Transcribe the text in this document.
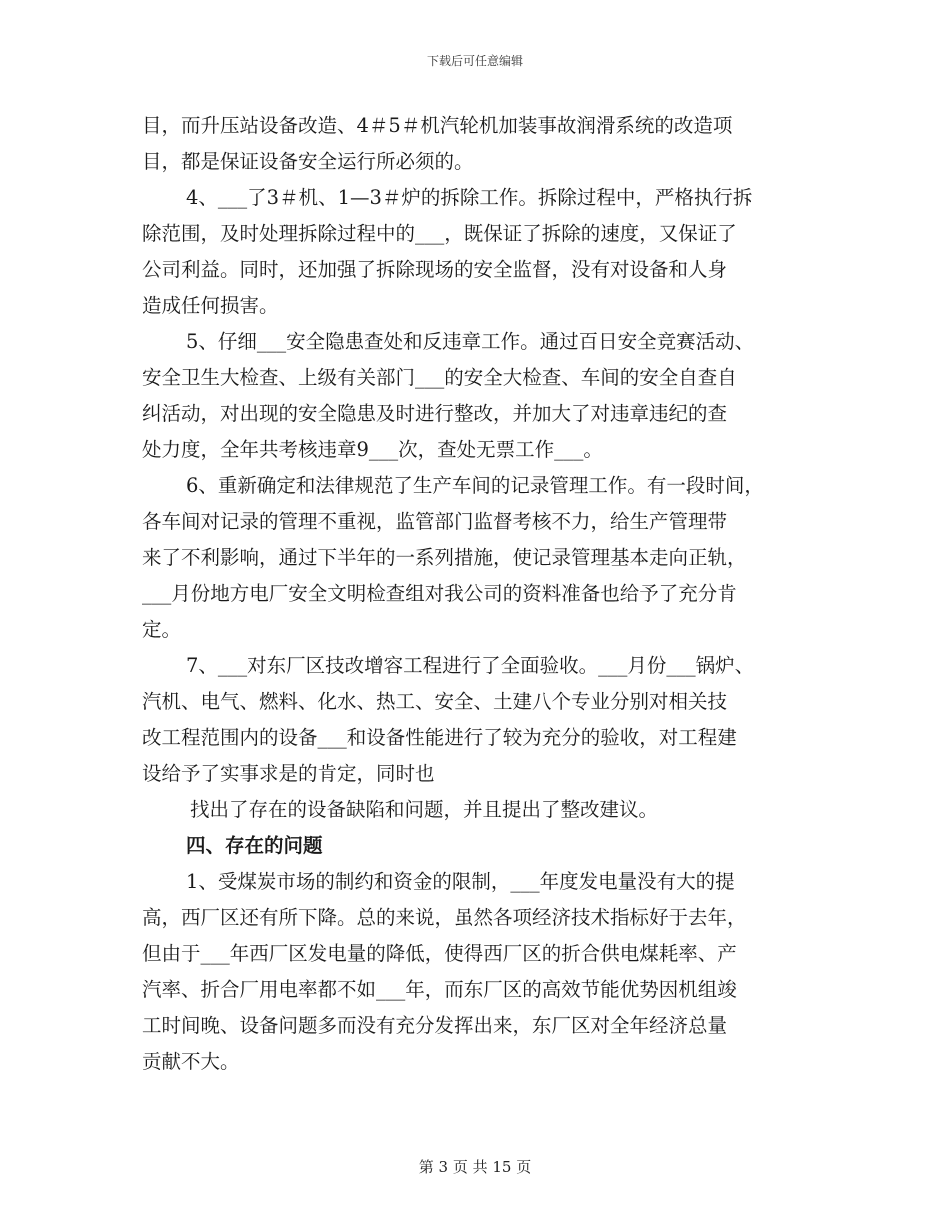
下载后可任意编辑
目，而升压站设备改造、4＃5＃机汽轮机加装事故润滑系统的改造项
目，都是保证设备安全运行所必须的。
4、___了3＃机、1—3＃炉的拆除工作。拆除过程中，严格执行拆
除范围，及时处理拆除过程中的___，既保证了拆除的速度，又保证了
公司利益。同时，还加强了拆除现场的安全监督，没有对设备和人身
造成任何损害。
5、仔细___安全隐患查处和反违章工作。通过百日安全竞赛活动、
安全卫生大检查、上级有关部门___的安全大检查、车间的安全自查自
纠活动，对出现的安全隐患及时进行整改，并加大了对违章违纪的查
处力度，全年共考核违章9___次，查处无票工作___。
6、重新确定和法律规范了生产车间的记录管理工作。有一段时间，
各车间对记录的管理不重视，监管部门监督考核不力，给生产管理带
来了不利影响，通过下半年的一系列措施，使记录管理基本走向正轨，
___月份地方电厂安全文明检查组对我公司的资料准备也给予了充分肯
定。
7、___对东厂区技改增容工程进行了全面验收。___月份___锅炉、
汽机、电气、燃料、化水、热工、安全、土建八个专业分别对相关技
改工程范围内的设备___和设备性能进行了较为充分的验收，对工程建
设给予了实事求是的肯定，同时也
找出了存在的设备缺陷和问题，并且提出了整改建议。
四、存在的问题
1、受煤炭市场的制约和资金的限制，___年度发电量没有大的提
高，西厂区还有所下降。总的来说，虽然各项经济技术指标好于去年，
但由于___年西厂区发电量的降低，使得西厂区的折合供电煤耗率、产
汽率、折合厂用电率都不如___年，而东厂区的高效节能优势因机组竣
工时间晚、设备问题多而没有充分发挥出来，东厂区对全年经济总量
贡献不大。
第 3 页 共 15 页
